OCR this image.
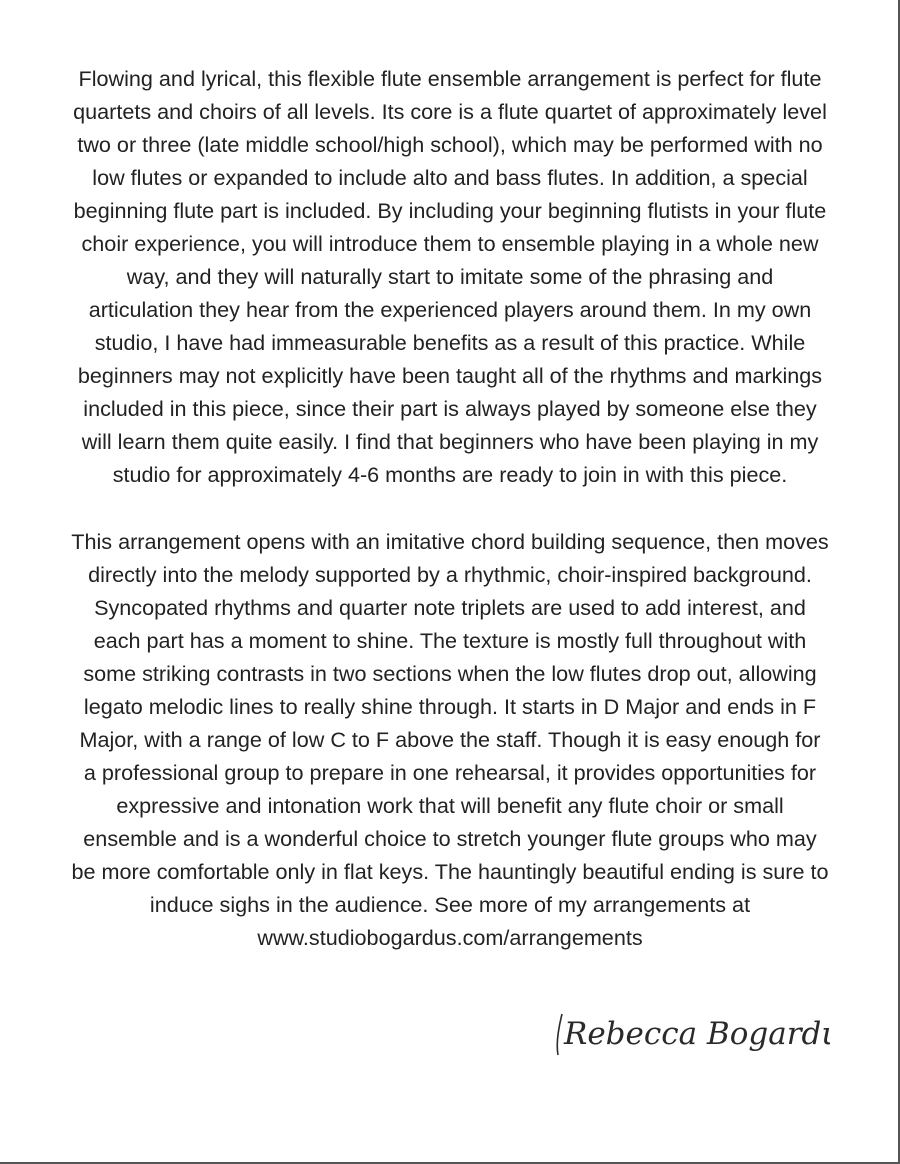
Flowing and lyrical, this flexible flute ensemble arrangement is perfect for flute
quartets and choirs of all levels. Its core is a flute quartet of approximately level
two or three (late middle school/high school), which may be performed with no
low flutes or expanded to include alto and bass flutes. In addition, a special
beginning flute part is included. By including your beginning flutists in your flute
choir experience, you will introduce them to ensemble playing in a whole new
way, and they will naturally start to imitate some of the phrasing and
articulation they hear from the experienced players around them. In my own
studio, I have had immeasurable benefits as a result of this practice. While
beginners may not explicitly have been taught all of the rhythms and markings
included in this piece, since their part is always played by someone else they
will learn them quite easily. I find that beginners who have been playing in my
studio for approximately 4-6 months are ready to join in with this piece.

This arrangement opens with an imitative chord building sequence, then moves
directly into the melody supported by a rhythmic, choir-inspired background.
Syncopated rhythms and quarter note triplets are used to add interest, and
each part has a moment to shine. The texture is mostly full throughout with
some striking contrasts in two sections when the low flutes drop out, allowing
legato melodic lines to really shine through. It starts in D Major and ends in F
Major, with a range of low C to F above the staff. Though it is easy enough for
a professional group to prepare in one rehearsal, it provides opportunities for
expressive and intonation work that will benefit any flute choir or small
ensemble and is a wonderful choice to stretch younger flute groups who may
be more comfortable only in flat keys. The hauntingly beautiful ending is sure to
induce sighs in the audience. See more of my arrangements at
www.studiobogardus.com/arrangements

Rebecca Bogardus
